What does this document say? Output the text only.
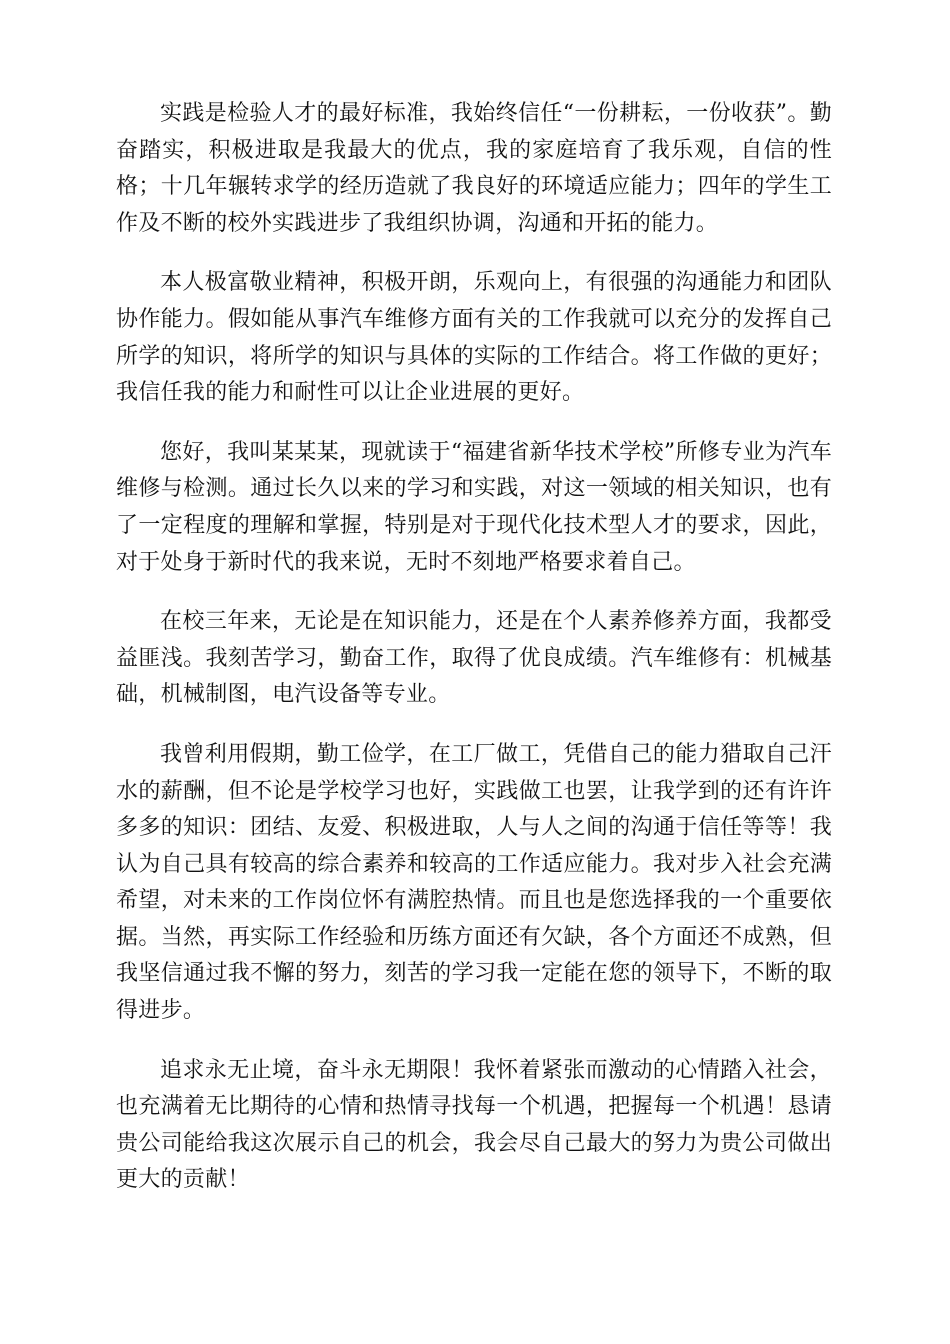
实践是检验人才的最好标准，我始终信任“一份耕耘，一份收获”。勤奋踏实，积极进取是我最大的优点，我的家庭培育了我乐观，自信的性格；十几年辗转求学的经历造就了我良好的环境适应能力；四年的学生工作及不断的校外实践进步了我组织协调，沟通和开拓的能力。

本人极富敬业精神，积极开朗，乐观向上，有很强的沟通能力和团队协作能力。假如能从事汽车维修方面有关的工作我就可以充分的发挥自己所学的知识，将所学的知识与具体的实际的工作结合。将工作做的更好；我信任我的能力和耐性可以让企业进展的更好。

您好，我叫某某某，现就读于“福建省新华技术学校”所修专业为汽车维修与检测。通过长久以来的学习和实践，对这一领域的相关知识，也有了一定程度的理解和掌握，特别是对于现代化技术型人才的要求，因此，对于处身于新时代的我来说，无时不刻地严格要求着自己。

在校三年来，无论是在知识能力，还是在个人素养修养方面，我都受益匪浅。我刻苦学习，勤奋工作，取得了优良成绩。汽车维修有：机械基础，机械制图，电汽设备等专业。

我曾利用假期，勤工俭学，在工厂做工，凭借自己的能力猎取自己汗水的薪酬，但不论是学校学习也好，实践做工也罢，让我学到的还有许许多多的知识：团结、友爱、积极进取，人与人之间的沟通于信任等等！我认为自己具有较高的综合素养和较高的工作适应能力。我对步入社会充满希望，对未来的工作岗位怀有满腔热情。而且也是您选择我的一个重要依据。当然，再实际工作经验和历练方面还有欠缺，各个方面还不成熟，但我坚信通过我不懈的努力，刻苦的学习我一定能在您的领导下，不断的取得进步。

追求永无止境，奋斗永无期限！我怀着紧张而激动的心情踏入社会，也充满着无比期待的心情和热情寻找每一个机遇，把握每一个机遇！恳请贵公司能给我这次展示自己的机会，我会尽自己最大的努力为贵公司做出更大的贡献！
